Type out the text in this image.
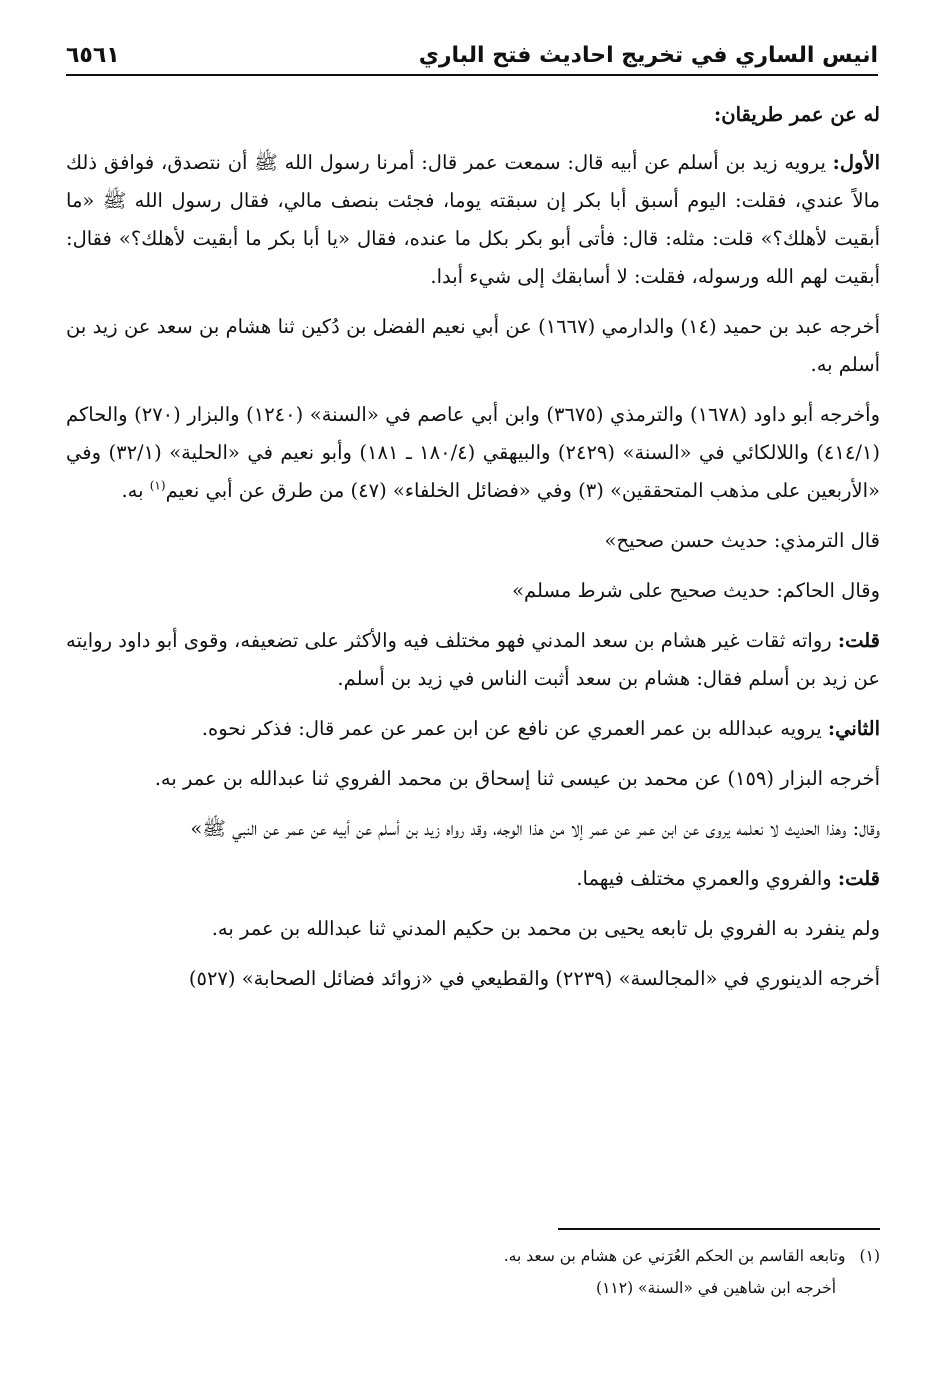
انيس الساري في تخريج احاديث فتح الباري
٦٥٦١

له عن عمر طريقان:

الأول: يرويه زيد بن أسلم عن أبيه قال: سمعت عمر قال: أمرنا رسول الله ﷺ أن نتصدق، فوافق ذلك مالاً عندي، فقلت: اليوم أسبق أبا بكر إن سبقته يوما، فجئت بنصف مالي، فقال رسول الله ﷺ «ما أبقيت لأهلك؟» قلت: مثله: قال: فأتى أبو بكر بكل ما عنده، فقال «يا أبا بكر ما أبقيت لأهلك؟» فقال: أبقيت لهم الله ورسوله، فقلت: لا أسابقك إلى شيء أبدا.

أخرجه عبد بن حميد (١٤) والدارمي (١٦٦٧) عن أبي نعيم الفضل بن دُكين ثنا هشام بن سعد عن زيد بن أسلم به.

وأخرجه أبو داود (١٦٧٨) والترمذي (٣٦٧٥) وابن أبي عاصم في «السنة» (١٢٤٠) والبزار (٢٧٠) والحاكم (٤١٤/١) واللالكائي في «السنة» (٢٤٢٩) والبيهقي (١٨٠/٤ ـ ١٨١) وأبو نعيم في «الحلية» (٣٢/١) وفي «الأربعين على مذهب المتحققين» (٣) وفي «فضائل الخلفاء» (٤٧) من طرق عن أبي نعيم$^{(١)}$ به.

قال الترمذي: حديث حسن صحيح»

وقال الحاكم: حديث صحيح على شرط مسلم»

قلت: رواته ثقات غير هشام بن سعد المدني فهو مختلف فيه والأكثر على تضعيفه، وقوى أبو داود روايته عن زيد بن أسلم فقال: هشام بن سعد أثبت الناس في زيد بن أسلم.

الثاني: يرويه عبدالله بن عمر العمري عن نافع عن ابن عمر عن عمر قال: فذكر نحوه.

أخرجه البزار (١٥٩) عن محمد بن عيسى ثنا إسحاق بن محمد الفروي ثنا عبدالله بن عمر به.

وقال: وهذا الحديث لا نعلمه يروى عن ابن عمر عن عمر إلا من هذا الوجه، وقد رواه زيد بن أسلم عن أبيه عن عمر عن النبي ﷺ»

قلت: والفروي والعمري مختلف فيهما.

ولم ينفرد به الفروي بل تابعه يحيى بن محمد بن حكيم المدني ثنا عبدالله بن عمر به.

أخرجه الدينوري في «المجالسة» (٢٢٣٩) والقطيعي في «زوائد فضائل الصحابة» (٥٢٧)

(١)
وتابعه القاسم بن الحكم العُرَني عن هشام بن سعد به.
أخرجه ابن شاهين في «السنة» (١١٢)
